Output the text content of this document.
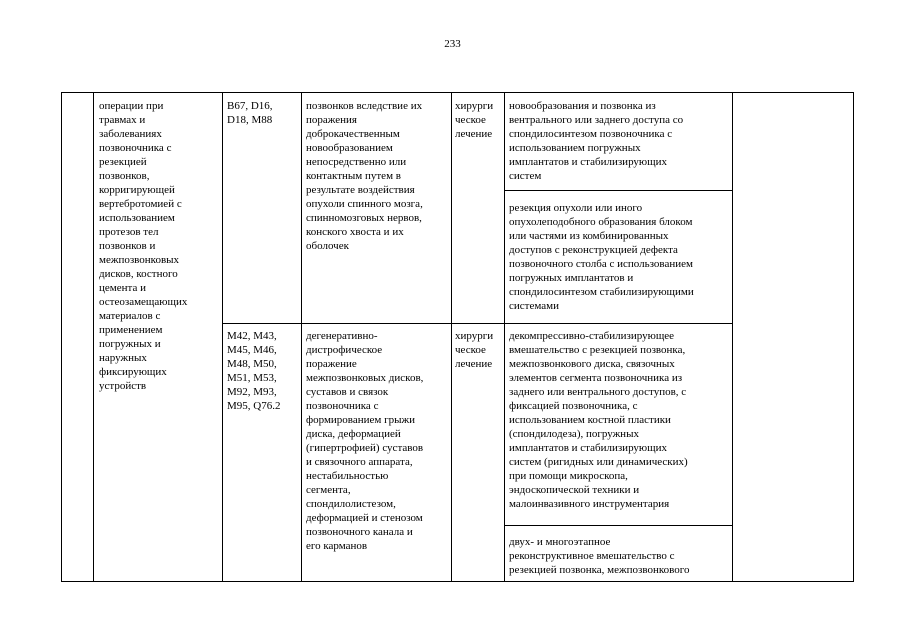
233

операции при
травмах и
заболеваниях
позвоночника с
резекцией
позвонков,
корригирующей
вертебротомией с
использованием
протезов тел
позвонков и
межпозвонковых
дисков, костного
цемента и
остеозамещающих
материалов с
применением
погружных и
наружных
фиксирующих
устройств

В67, D16,
D18, М88

позвонков вследствие их
поражения
доброкачественным
новообразованием
непосредственно или
контактным путем в
результате воздействия
опухоли спинного мозга,
спинномозговых нервов,
конского хвоста и их
оболочек

хирурги
ческое
лечение

новообразования и позвонка из
вентрального или заднего доступа со
спондилосинтезом позвоночника с
использованием погружных
имплантатов и стабилизирующих
систем

резекция опухоли или иного
опухолеподобного образования блоком
или частями из комбинированных
доступов с реконструкцией дефекта
позвоночного столба с использованием
погружных имплантатов и
спондилосинтезом стабилизирующими
системами

М42, М43,
М45, М46,
М48, М50,
М51, М53,
М92, М93,
М95, Q76.2

дегенеративно-
дистрофическое
поражение
межпозвонковых дисков,
суставов и связок
позвоночника с
формированием грыжи
диска, деформацией
(гипертрофией) суставов
и связочного аппарата,
нестабильностью
сегмента,
спондилолистезом,
деформацией и стенозом
позвоночного канала и
его карманов

хирурги
ческое
лечение

декомпрессивно-стабилизирующее
вмешательство с резекцией позвонка,
межпозвонкового диска, связочных
элементов сегмента позвоночника из
заднего или вентрального доступов, с
фиксацией позвоночника, с
использованием костной пластики
(спондилодеза), погружных
имплантатов и стабилизирующих
систем (ригидных или динамических)
при помощи микроскопа,
эндоскопической техники и
малоинвазивного инструментария

двух- и многоэтапное
реконструктивное вмешательство с
резекцией позвонка, межпозвонкового
